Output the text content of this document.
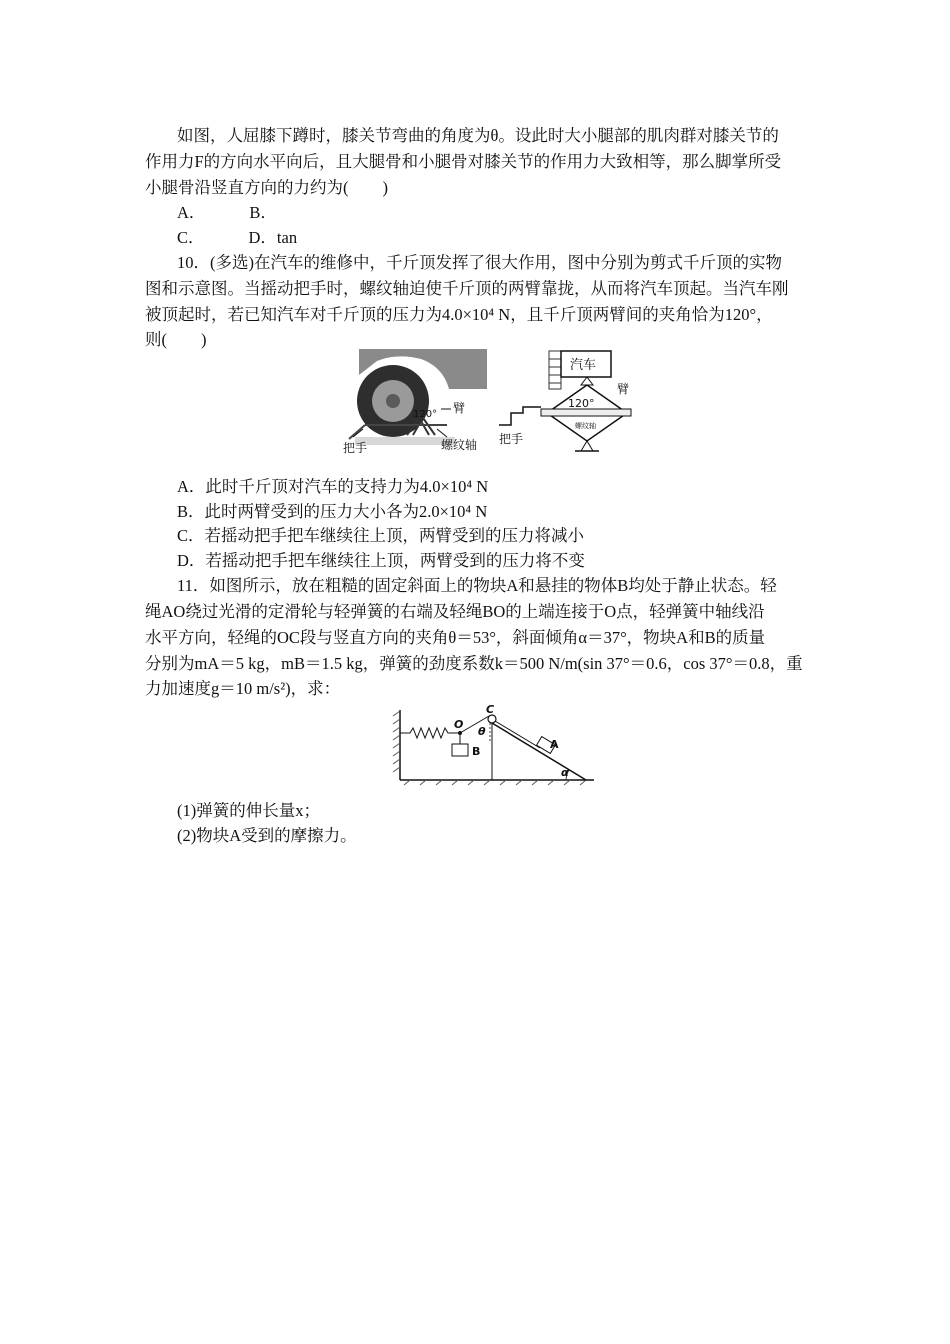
如图，人屈膝下蹲时，膝关节弯曲的角度为θ。设此时大小腿部的肌肉群对膝关节的
作用力F的方向水平向后，且大腿骨和小腿骨对膝关节的作用力大致相等，那么脚掌所受
小腿骨沿竖直方向的力约为( )
A．	B．
C．	D．tan
10．(多选)在汽车的维修中，千斤顶发挥了很大作用，图中分别为剪式千斤顶的实物
图和示意图。当摇动把手时，螺纹轴迫使千斤顶的两臂靠拢，从而将汽车顶起。当汽车刚
被顶起时，若已知汽车对千斤顶的压力为4.0×10⁴ N，且千斤顶两臂间的夹角恰为120°，
则( )
120° 臂
把手	螺纹轴
汽车
120°
臂
螺纹轴
把手
A．此时千斤顶对汽车的支持力为4.0×10⁴ N
B．此时两臂受到的压力大小各为2.0×10⁴ N
C．若摇动把手把车继续往上顶，两臂受到的压力将减小
D．若摇动把手把车继续往上顶，两臂受到的压力将不变
11．如图所示，放在粗糙的固定斜面上的物块A和悬挂的物体B均处于静止状态。轻
绳AO绕过光滑的定滑轮与轻弹簧的右端及轻绳BO的上端连接于O点，轻弹簧中轴线沿
水平方向，轻绳的OC段与竖直方向的夹角θ＝53°，斜面倾角α＝37°，物块A和B的质量
分别为mA＝5 kg，mB＝1.5 kg，弹簧的劲度系数k＝500 N/m(sin 37°＝0.6，cos 37°＝0.8，重
力加速度g＝10 m/s²)，求：
O
C
θ
B
A
α
(1)弹簧的伸长量x；
(2)物块A受到的摩擦力。
